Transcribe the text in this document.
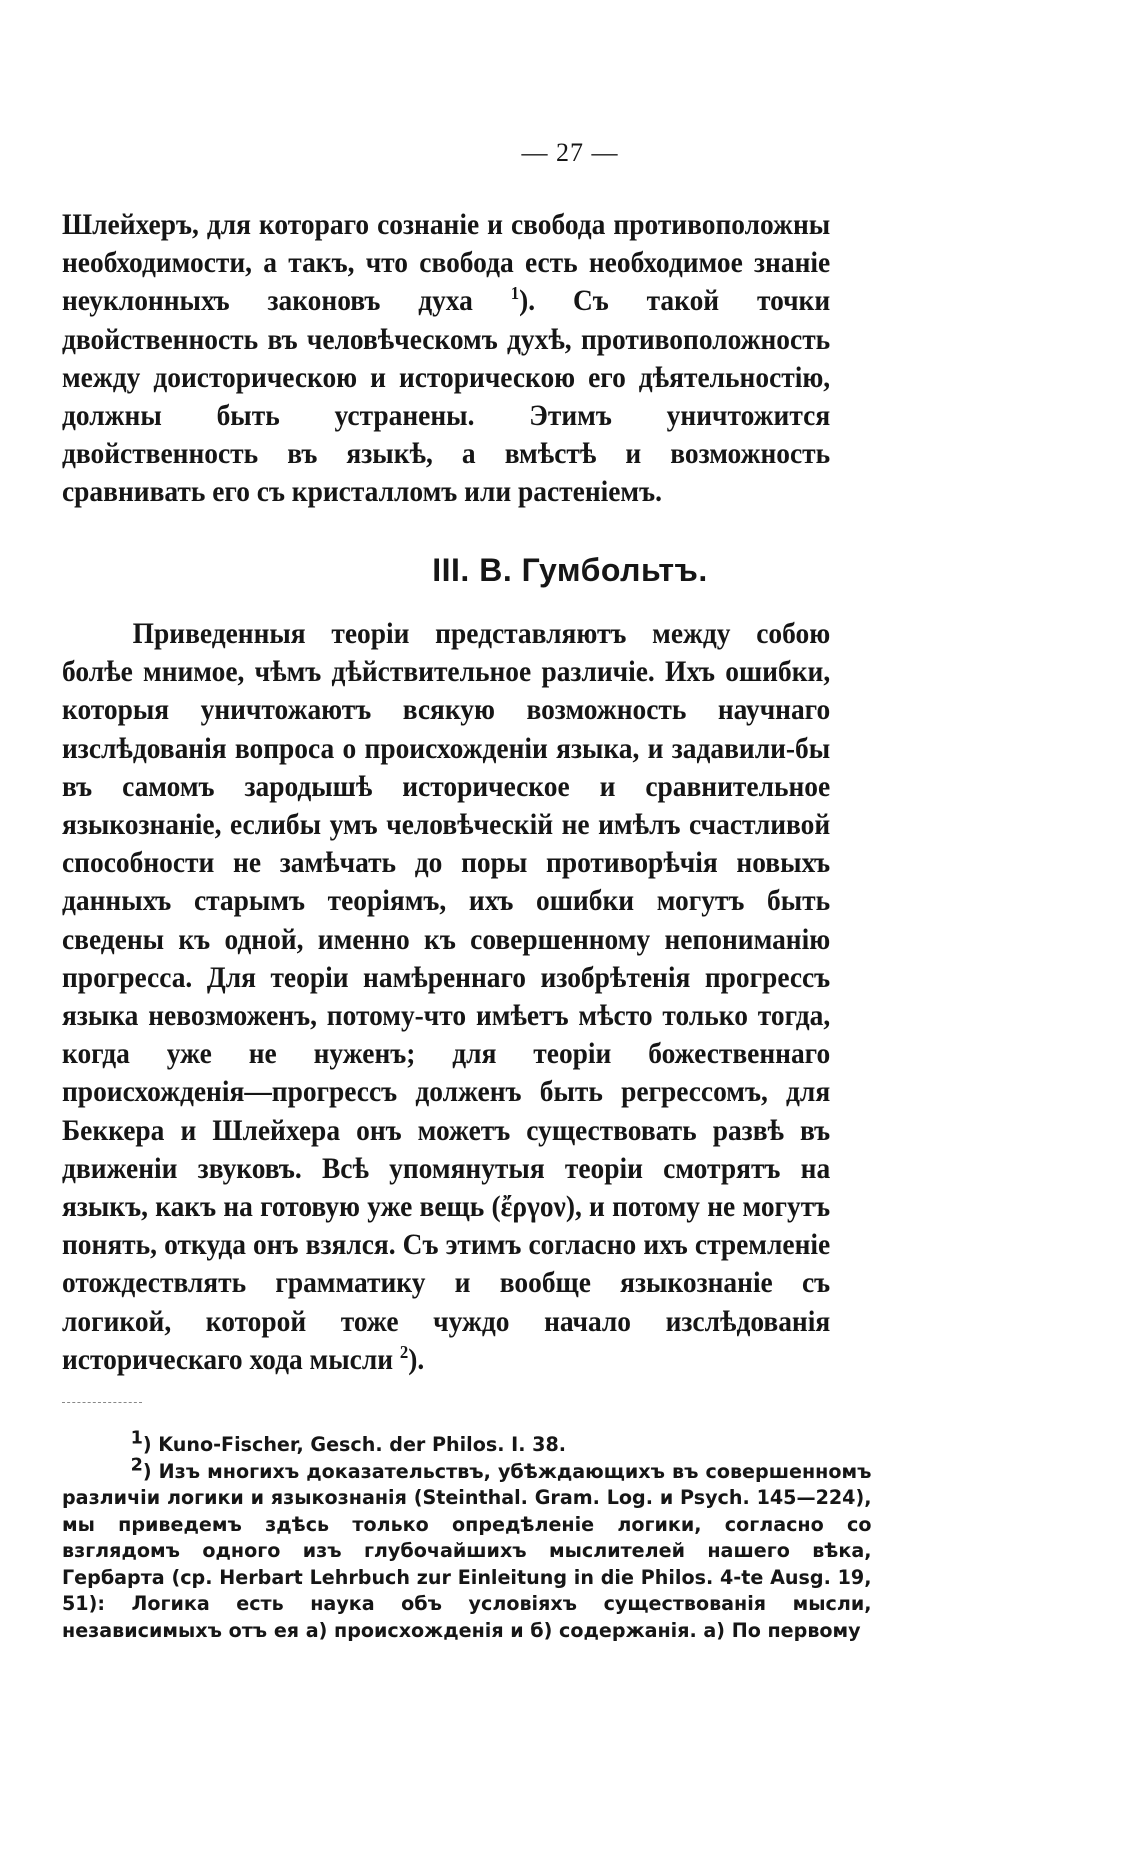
— 27 —

Шлейхеръ, для котораго сознаніе и свобода противоположны необходимости, а такъ, что свобода есть необходимое знаніе неуклонныхъ законовъ духа $^1$). Съ такой точки двойственность въ человѣческомъ духѣ, противоположность между доисторическою и историческою его дѣятельностію, должны быть устранены. Этимъ уничтожится двойственность въ языкѣ, а вмѣстѣ и возможность сравнивать его съ кристалломъ или растеніемъ.

III. В. Гумбольтъ.

Приведенныя теоріи представляютъ между собою болѣе мнимое, чѣмъ дѣйствительное различіе. Ихъ ошибки, которыя уничтожаютъ всякую возможность научнаго изслѣдованія вопроса о происхожденіи языка, и задавили-бы въ самомъ зародышѣ историческое и сравнительное языкознаніе, еслибы умъ человѣческій не имѣлъ счастливой способности не замѣчать до поры противорѣчія новыхъ данныхъ старымъ теоріямъ, ихъ ошибки могутъ быть сведены къ одной, именно къ совершенному непониманію прогресса. Для теоріи намѣреннаго изобрѣтенія прогрессъ языка невозможенъ, потому-что имѣетъ мѣсто только тогда, когда уже не нуженъ; для теоріи божественнаго происхожденія—прогрессъ долженъ быть регрессомъ, для Беккера и Шлейхера онъ можетъ существовать развѣ въ движеніи звуковъ. Всѣ упомянутыя теоріи смотрятъ на языкъ, какъ на готовую уже вещь (ἔργον), и потому не могутъ понять, откуда онъ взялся. Съ этимъ согласно ихъ стремленіе отождествлять грамматику и вообще языкознаніе съ логикой, которой тоже чуждо начало изслѣдованія историческаго хода мысли $^2$).

$^1$) Kuno-Fischer, Gesch. der Philos. I. 38.

$^2$) Изъ многихъ доказательствъ, убѣждающихъ въ совершенномъ различіи логики и языкознанія (Steinthal. Gram. Log. и Psych. 145—224), мы приведемъ здѣсь только опредѣленіе логики, согласно со взглядомъ одного изъ глубочайшихъ мыслителей нашего вѣка, Гербарта (ср. Herbart Lehrbuch zur Einleitung in die Philos. 4-te Ausg. 19, 51): Логика есть наука объ условіяхъ существованія мысли, независимыхъ отъ ея а) происхожденія и б) содержанія. а) По первому
